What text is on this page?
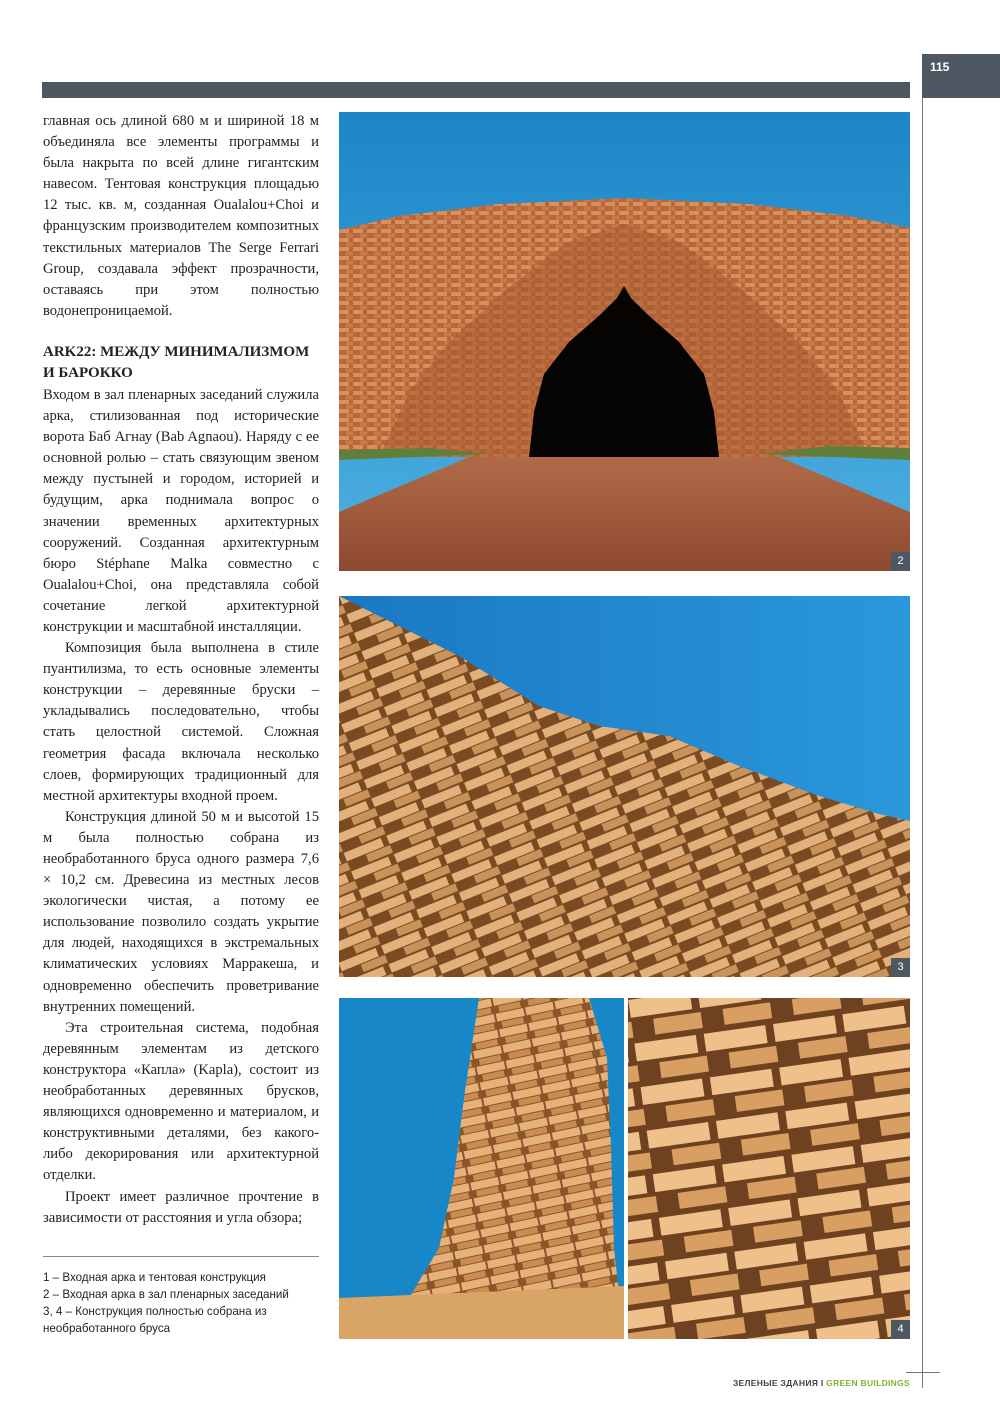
115

главная ось длиной 680 м и шириной 18 м объединяла все элементы программы и была накрыта по всей длине гигантским навесом. Тентовая конструкция площадью 12 тыс. кв. м, созданная Oualalou+Choi и французским производителем композитных текстильных материалов The Serge Ferrari Group, создавала эффект прозрачности, оставаясь при этом полностью водонепроницаемой.

ARK22: МЕЖДУ МИНИМАЛИЗМОМ И БАРОККО

Входом в зал пленарных заседаний служила арка, стилизованная под исторические ворота Баб Агнау (Bab Agnaou). Наряду с ее основной ролью – стать связующим звеном между пустыней и городом, историей и будущим, арка поднимала вопрос о значении временных архитектурных сооружений. Созданная архитектурным бюро Stéphane Malka совместно с Oualalou+Choi, она представляла собой сочетание легкой архитектурной конструкции и масштабной инсталляции.

Композиция была выполнена в стиле пуантилизма, то есть основные элементы конструкции – деревянные бруски – укладывались последовательно, чтобы стать целостной системой. Сложная геометрия фасада включала несколько слоев, формирующих традиционный для местной архитектуры входной проем.

Конструкция длиной 50 м и высотой 15 м была полностью собрана из необработанного бруса одного размера 7,6 × 10,2 см. Древесина из местных лесов экологически чистая, а потому ее использование позволило создать укрытие для людей, находящихся в экстремальных климатических условиях Марракеша, и одновременно обеспечить проветривание внутренних помещений.

Эта строительная система, подобная деревянным элементам из детского конструктора «Капла» (Kapla), состоит из необработанных деревянных брусков, являющихся одновременно и материалом, и конструктивными деталями, без какого-либо декорирования или архитектурной отделки.

Проект имеет различное прочтение в зависимости от расстояния и угла обзора;

1 – Входная арка и тентовая конструкция
2 – Входная арка в зал пленарных заседаний
3, 4 – Конструкция полностью собрана из необработанного бруса
2
3
4
ЗЕЛЕНЫЕ ЗДАНИЯ I GREEN BUILDINGS
